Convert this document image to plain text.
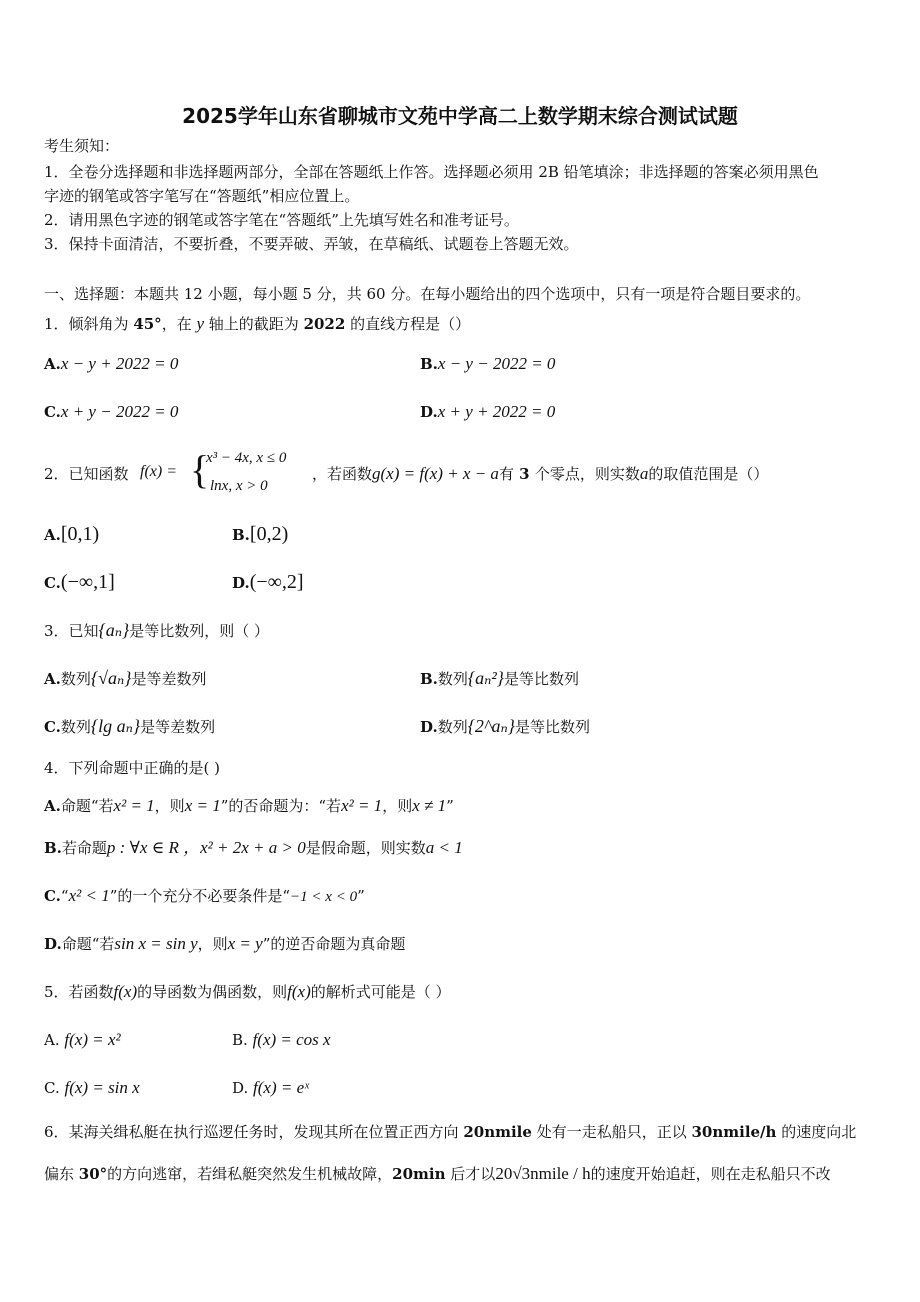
2025学年山东省聊城市文苑中学高二上数学期末综合测试试题
考生须知：
1．全卷分选择题和非选择题两部分，全部在答题纸上作答。选择题必须用 2B 铅笔填涂；非选择题的答案必须用黑色
字迹的钢笔或答字笔写在“答题纸”相应位置上。
2．请用黑色字迹的钢笔或答字笔在“答题纸”上先填写姓名和准考证号。
3．保持卡面清洁，不要折叠，不要弄破、弄皱，在草稿纸、试题卷上答题无效。
一、选择题：本题共 12 小题，每小题 5 分，共 60 分。在每小题给出的四个选项中，只有一项是符合题目要求的。
1．倾斜角为 45°，在 y 轴上的截距为 2022 的直线方程是（）
A.x − y + 2022 = 0	B.x − y − 2022 = 0
C.x + y − 2022 = 0	D.x + y + 2022 = 0
2．已知函数 f(x) = {
x³ − 4x, x ≤ 0
lnx, x > 0
，若函数g(x) = f(x) + x − a有 3 个零点，则实数a的取值范围是（）
A.[0,1)	B.[0,2)
C.(−∞,1]	D.(−∞,2]
3．已知{aₙ}是等比数列，则（ ）
A.数列{√aₙ}是等差数列	B.数列{aₙ²}是等比数列
C.数列{lg aₙ}是等差数列	D.数列{2^aₙ}是等比数列
4．下列命题中正确的是( )
A.命题“若x² = 1，则x = 1”的否命题为：“若x² = 1，则x ≠ 1”
B.若命题p : ∀x ∈ R ，x² + 2x + a > 0是假命题，则实数a < 1
C.“x² < 1”的一个充分不必要条件是“−1 < x < 0”
D.命题“若sin x = sin y，则x = y”的逆否命题为真命题
5．若函数f(x)的导函数为偶函数，则f(x)的解析式可能是（ ）
A. f(x) = x²	B. f(x) = cos x
C. f(x) = sin x	D. f(x) = eˣ
6．某海关缉私艇在执行巡逻任务时，发现其所在位置正西方向 20nmile 处有一走私船只，正以 30nmile/h 的速度向北
偏东 30°的方向逃窜，若缉私艇突然发生机械故障，20min 后才以20√3nmile / h的速度开始追赶，则在走私船只不改
